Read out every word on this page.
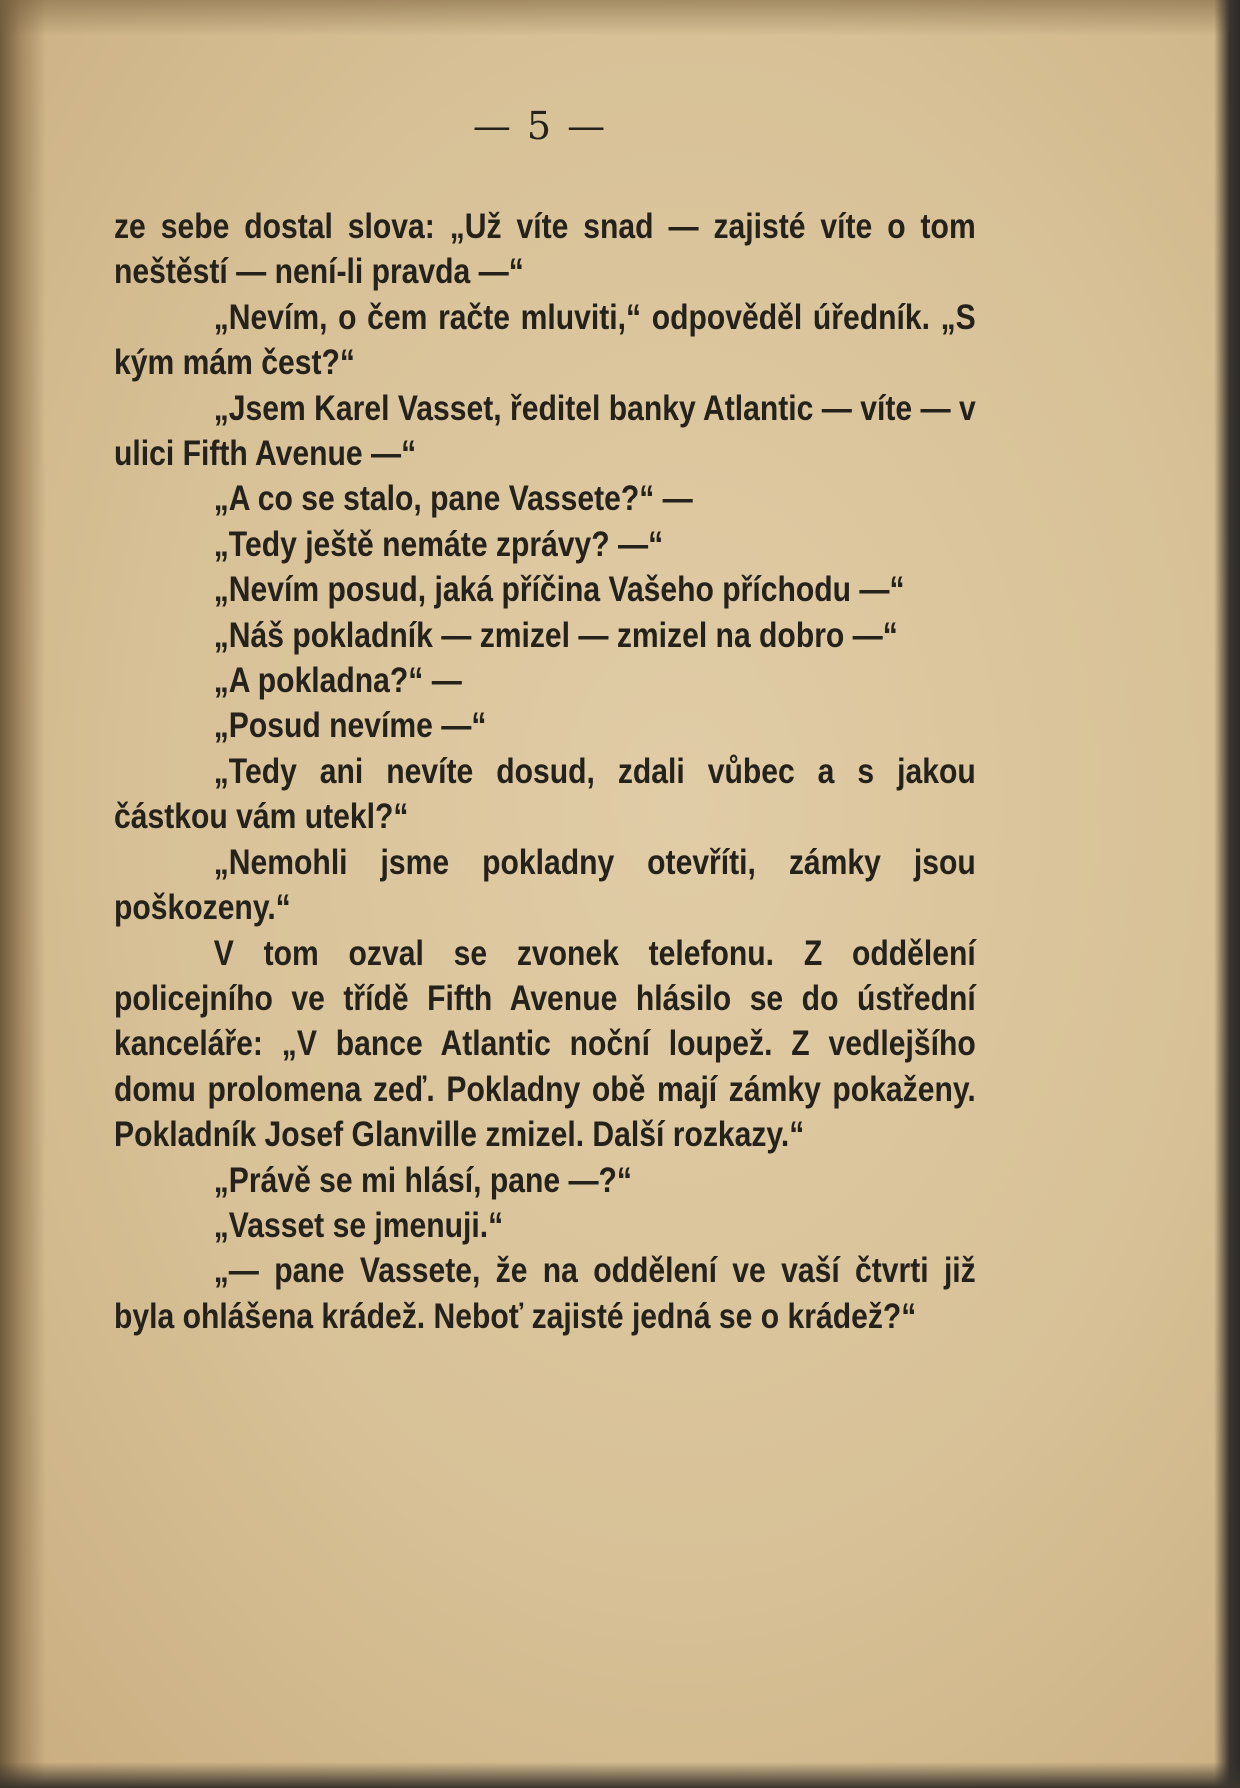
— 5 —

ze sebe dostal slova: „Už víte snad — zajisté víte o tom neštěstí — není-li pravda —“

„Nevím, o čem račte mluviti,“ odpověděl úředník. „S kým mám čest?“

„Jsem Karel Vasset, ředitel banky Atlantic — víte — v ulici Fifth Avenue —“

„A co se stalo, pane Vassete?“ —

„Tedy ještě nemáte zprávy? —“

„Nevím posud, jaká příčina Vašeho příchodu —“

„Náš pokladník — zmizel — zmizel na dobro —“

„A pokladna?“ —

„Posud nevíme —“

„Tedy ani nevíte dosud, zdali vůbec a s jakou částkou vám utekl?“

„Nemohli jsme pokladny otevříti, zámky jsou poškozeny.“

V tom ozval se zvonek telefonu. Z oddělení policejního ve třídě Fifth Avenue hlásilo se do ústřední kanceláře: „V bance Atlantic noční loupež. Z vedlejšího domu prolomena zeď. Pokladny obě mají zámky pokaženy. Pokladník Josef Glanville zmizel. Další rozkazy.“

„Právě se mi hlásí, pane —?“

„Vasset se jmenuji.“

„— pane Vassete, že na oddělení ve vaší čtvrti již byla ohlášena krádež. Neboť zajisté jedná se o krádež?“
